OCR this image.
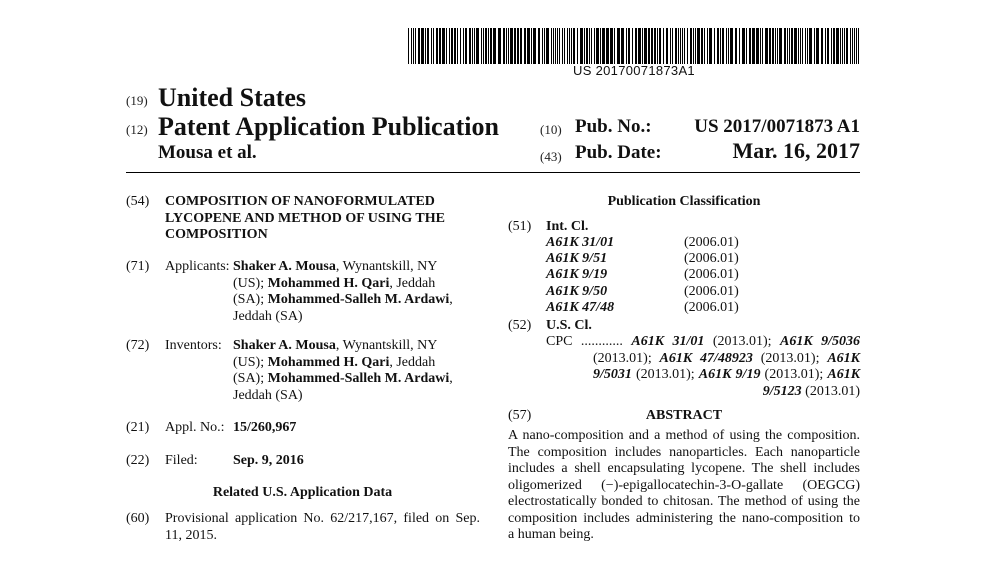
US 20170071873A1
(19) United States
(12) Patent Application Publication
Mousa et al.
(10) Pub. No.:	US 2017/0071873 A1
(43) Pub. Date:	Mar. 16, 2017
(54) COMPOSITION OF NANOFORMULATED
LYCOPENE AND METHOD OF USING THE
COMPOSITION
(71) Applicants: Shaker A. Mousa, Wynantskill, NY
(US); Mohammed H. Qari, Jeddah
(SA); Mohammed-Salleh M. Ardawi,
Jeddah (SA)
(72) Inventors: Shaker A. Mousa, Wynantskill, NY
(US); Mohammed H. Qari, Jeddah
(SA); Mohammed-Salleh M. Ardawi,
Jeddah (SA)
(21) Appl. No.: 15/260,967
(22) Filed:	Sep. 9, 2016
Related U.S. Application Data
(60) Provisional application No. 62/217,167, filed on Sep.
11, 2015.
Publication Classification
(51) Int. Cl.
A61K 31/01	(2006.01)
A61K 9/51	(2006.01)
A61K 9/19	(2006.01)
A61K 9/50	(2006.01)
A61K 47/48	(2006.01)
(52) U.S. Cl.
CPC ............ A61K 31/01 (2013.01); A61K 9/5036
(2013.01); A61K 47/48923 (2013.01); A61K
9/5031 (2013.01); A61K 9/19 (2013.01); A61K
9/5123 (2013.01)
(57)	ABSTRACT
A nano-composition and a method of using the composition.
The composition includes nanoparticles. Each nanoparticle
includes a shell encapsulating lycopene. The shell includes
oligomerized (−)-epigallocatechin-3-O-gallate (OEGCG)
electrostatically bonded to chitosan. The method of using the
composition includes administering the nano-composition to
a human being.
